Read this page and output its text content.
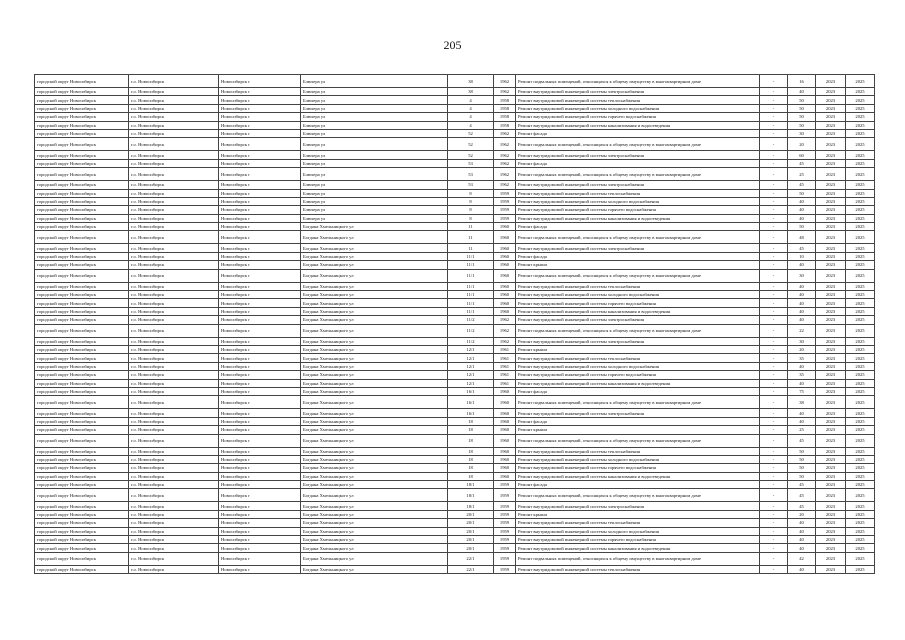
205
городской округ Новосибирск	г.о. Новосибирск	Новосибирск г	Блюхера ул	38	1962	Ремонт подвальных помещений, относящихся к общему имуществу в многоквартирном доме	-	16	2023	2025
городской округ Новосибирск	г.о. Новосибирск	Новосибирск г	Блюхера ул	38	1962	Ремонт внутридомовой инженерной системы электроснабжения	-	40	2023	2025
городской округ Новосибирск	г.о. Новосибирск	Новосибирск г	Блюхера ул	4	1958	Ремонт внутридомовой инженерной системы теплоснабжения	-	50	2023	2025
городской округ Новосибирск	г.о. Новосибирск	Новосибирск г	Блюхера ул	4	1958	Ремонт внутридомовой инженерной системы холодного водоснабжения	-	50	2023	2025
городской округ Новосибирск	г.о. Новосибирск	Новосибирск г	Блюхера ул	4	1958	Ремонт внутридомовой инженерной системы горячего водоснабжения	-	50	2023	2025
городской округ Новосибирск	г.о. Новосибирск	Новосибирск г	Блюхера ул	4	1958	Ремонт внутридомовой инженерной системы канализования и водоотведения	-	50	2023	2025
городской округ Новосибирск	г.о. Новосибирск	Новосибирск г	Блюхера ул	52	1962	Ремонт фасада	-	30	2023	2025
городской округ Новосибирск	г.о. Новосибирск	Новосибирск г	Блюхера ул	52	1962	Ремонт подвальных помещений, относящихся к общему имуществу в многоквартирном доме	-	20	2023	2025
городской округ Новосибирск	г.о. Новосибирск	Новосибирск г	Блюхера ул	52	1962	Ремонт внутридомовой инженерной системы электроснабжения	-	60	2023	2025
городской округ Новосибирск	г.о. Новосибирск	Новосибирск г	Блюхера ул	53	1962	Ремонт фасада	-	45	2023	2025
городской округ Новосибирск	г.о. Новосибирск	Новосибирск г	Блюхера ул	53	1962	Ремонт подвальных помещений, относящихся к общему имуществу в многоквартирном доме	-	25	2023	2025
городской округ Новосибирск	г.о. Новосибирск	Новосибирск г	Блюхера ул	53	1962	Ремонт внутридомовой инженерной системы электроснабжения	-	45	2023	2025
городской округ Новосибирск	г.о. Новосибирск	Новосибирск г	Блюхера ул	8	1959	Ремонт внутридомовой инженерной системы теплоснабжения	-	50	2023	2025
городской округ Новосибирск	г.о. Новосибирск	Новосибирск г	Блюхера ул	8	1959	Ремонт внутридомовой инженерной системы холодного водоснабжения	-	40	2023	2025
городской округ Новосибирск	г.о. Новосибирск	Новосибирск г	Блюхера ул	8	1959	Ремонт внутридомовой инженерной системы горячего водоснабжения	-	40	2023	2025
городской округ Новосибирск	г.о. Новосибирск	Новосибирск г	Блюхера ул	8	1959	Ремонт внутридомовой инженерной системы канализования и водоотведения	-	40	2023	2025
городской округ Новосибирск	г.о. Новосибирск	Новосибирск г	Богдана Хмельницкого ул	11	1960	Ремонт фасада	-	50	2023	2025
городской округ Новосибирск	г.о. Новосибирск	Новосибирск г	Богдана Хмельницкого ул	11	1960	Ремонт подвальных помещений, относящихся к общему имуществу в многоквартирном доме	-	48	2023	2025
городской округ Новосибирск	г.о. Новосибирск	Новосибирск г	Богдана Хмельницкого ул	11	1960	Ремонт внутридомовой инженерной системы электроснабжения	-	45	2023	2025
городской округ Новосибирск	г.о. Новосибирск	Новосибирск г	Богдана Хмельницкого ул	11/1	1960	Ремонт фасада	-	10	2023	2025
городской округ Новосибирск	г.о. Новосибирск	Новосибирск г	Богдана Хмельницкого ул	11/1	1960	Ремонт крыши	-	40	2023	2025
городской округ Новосибирск	г.о. Новосибирск	Новосибирск г	Богдана Хмельницкого ул	11/1	1960	Ремонт подвальных помещений, относящихся к общему имуществу в многоквартирном доме	-	30	2023	2025
городской округ Новосибирск	г.о. Новосибирск	Новосибирск г	Богдана Хмельницкого ул	11/1	1960	Ремонт внутридомовой инженерной системы теплоснабжения	-	40	2023	2025
городской округ Новосибирск	г.о. Новосибирск	Новосибирск г	Богдана Хмельницкого ул	11/1	1960	Ремонт внутридомовой инженерной системы холодного водоснабжения	-	40	2023	2025
городской округ Новосибирск	г.о. Новосибирск	Новосибирск г	Богдана Хмельницкого ул	11/1	1960	Ремонт внутридомовой инженерной системы горячего водоснабжения	-	40	2023	2025
городской округ Новосибирск	г.о. Новосибирск	Новосибирск г	Богдана Хмельницкого ул	11/1	1960	Ремонт внутридомовой инженерной системы канализования и водоотведения	-	40	2023	2025
городской округ Новосибирск	г.о. Новосибирск	Новосибирск г	Богдана Хмельницкого ул	11/2	1962	Ремонт внутридомовой инженерной системы электроснабжения	-	40	2023	2025
городской округ Новосибирск	г.о. Новосибирск	Новосибирск г	Богдана Хмельницкого ул	11/2	1962	Ремонт подвальных помещений, относящихся к общему имуществу в многоквартирном доме	-	22	2023	2025
городской округ Новосибирск	г.о. Новосибирск	Новосибирск г	Богдана Хмельницкого ул	11/2	1962	Ремонт внутридомовой инженерной системы электроснабжения	-	30	2023	2025
городской округ Новосибирск	г.о. Новосибирск	Новосибирск г	Богдана Хмельницкого ул	12/1	1961	Ремонт крыши	-	20	2023	2025
городской округ Новосибирск	г.о. Новосибирск	Новосибирск г	Богдана Хмельницкого ул	12/1	1961	Ремонт внутридомовой инженерной системы теплоснабжения	-	35	2023	2025
городской округ Новосибирск	г.о. Новосибирск	Новосибирск г	Богдана Хмельницкого ул	12/1	1961	Ремонт внутридомовой инженерной системы холодного водоснабжения	-	40	2023	2025
городской округ Новосибирск	г.о. Новосибирск	Новосибирск г	Богдана Хмельницкого ул	12/1	1961	Ремонт внутридомовой инженерной системы горячего водоснабжения	-	35	2023	2025
городской округ Новосибирск	г.о. Новосибирск	Новосибирск г	Богдана Хмельницкого ул	12/1	1961	Ремонт внутридомовой инженерной системы канализования и водоотведения	-	40	2023	2025
городской округ Новосибирск	г.о. Новосибирск	Новосибирск г	Богдана Хмельницкого ул	16/1	1960	Ремонт фасада	-	75	2023	2025
городской округ Новосибирск	г.о. Новосибирск	Новосибирск г	Богдана Хмельницкого ул	16/1	1960	Ремонт подвальных помещений, относящихся к общему имуществу в многоквартирном доме	-	38	2023	2025
городской округ Новосибирск	г.о. Новосибирск	Новосибирск г	Богдана Хмельницкого ул	16/1	1960	Ремонт внутридомовой инженерной системы электроснабжения	-	40	2023	2025
городской округ Новосибирск	г.о. Новосибирск	Новосибирск г	Богдана Хмельницкого ул	18	1960	Ремонт фасада	-	40	2023	2025
городской округ Новосибирск	г.о. Новосибирск	Новосибирск г	Богдана Хмельницкого ул	18	1960	Ремонт крыши	-	25	2023	2025
городской округ Новосибирск	г.о. Новосибирск	Новосибирск г	Богдана Хмельницкого ул	18	1960	Ремонт подвальных помещений, относящихся к общему имуществу в многоквартирном доме	-	45	2023	2025
городской округ Новосибирск	г.о. Новосибирск	Новосибирск г	Богдана Хмельницкого ул	18	1960	Ремонт внутридомовой инженерной системы теплоснабжения	-	50	2023	2025
городской округ Новосибирск	г.о. Новосибирск	Новосибирск г	Богдана Хмельницкого ул	18	1960	Ремонт внутридомовой инженерной системы холодного водоснабжения	-	50	2023	2025
городской округ Новосибирск	г.о. Новосибирск	Новосибирск г	Богдана Хмельницкого ул	18	1960	Ремонт внутридомовой инженерной системы горячего водоснабжения	-	50	2023	2025
городской округ Новосибирск	г.о. Новосибирск	Новосибирск г	Богдана Хмельницкого ул	18	1960	Ремонт внутридомовой инженерной системы канализования и водоотведения	-	50	2023	2025
городской округ Новосибирск	г.о. Новосибирск	Новосибирск г	Богдана Хмельницкого ул	18/1	1959	Ремонт фасада	-	45	2023	2025
городской округ Новосибирск	г.о. Новосибирск	Новосибирск г	Богдана Хмельницкого ул	18/1	1959	Ремонт подвальных помещений, относящихся к общему имуществу в многоквартирном доме	-	45	2023	2025
городской округ Новосибирск	г.о. Новосибирск	Новосибирск г	Богдана Хмельницкого ул	18/1	1959	Ремонт внутридомовой инженерной системы электроснабжения	-	45	2023	2025
городской округ Новосибирск	г.о. Новосибирск	Новосибирск г	Богдана Хмельницкого ул	20/1	1959	Ремонт крыши	-	20	2023	2025
городской округ Новосибирск	г.о. Новосибирск	Новосибирск г	Богдана Хмельницкого ул	20/1	1959	Ремонт внутридомовой инженерной системы теплоснабжения	-	40	2023	2025
городской округ Новосибирск	г.о. Новосибирск	Новосибирск г	Богдана Хмельницкого ул	20/1	1959	Ремонт внутридомовой инженерной системы холодного водоснабжения	-	40	2023	2025
городской округ Новосибирск	г.о. Новосибирск	Новосибирск г	Богдана Хмельницкого ул	20/1	1959	Ремонт внутридомовой инженерной системы горячего водоснабжения	-	40	2023	2025
городской округ Новосибирск	г.о. Новосибирск	Новосибирск г	Богдана Хмельницкого ул	20/1	1959	Ремонт внутридомовой инженерной системы канализования и водоотведения	-	40	2023	2025
городской округ Новосибирск	г.о. Новосибирск	Новосибирск г	Богдана Хмельницкого ул	22/1	1959	Ремонт подвальных помещений, относящихся к общему имуществу в многоквартирном доме	-	42	2023	2025
городской округ Новосибирск	г.о. Новосибирск	Новосибирск г	Богдана Хмельницкого ул	22/1	1959	Ремонт внутридомовой инженерной системы теплоснабжения	-	40	2023	2025
